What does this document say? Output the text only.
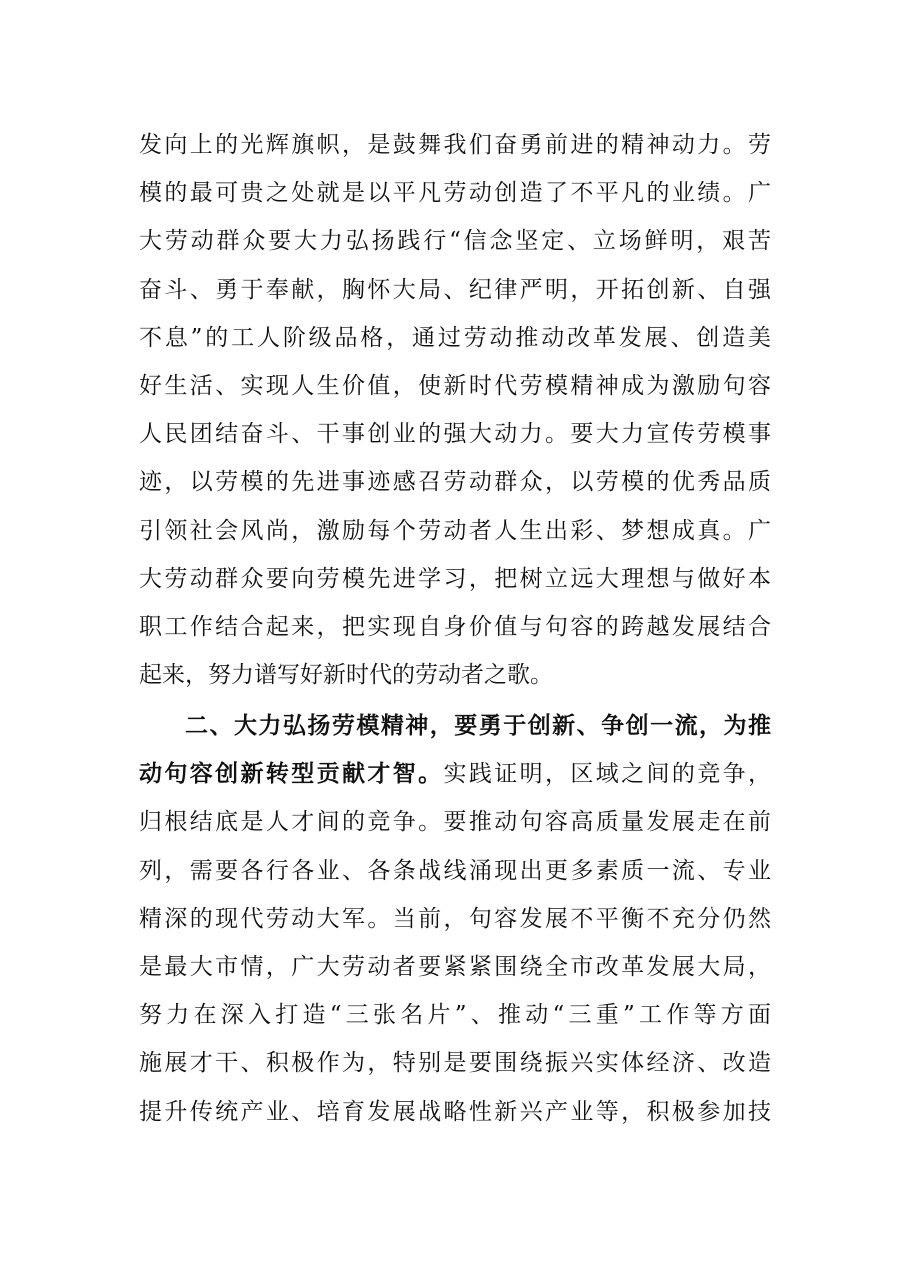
发向上的光辉旗帜，是鼓舞我们奋勇前进的精神动力。劳
模的最可贵之处就是以平凡劳动创造了不平凡的业绩。广
大劳动群众要大力弘扬践行“信念坚定、立场鲜明，艰苦
奋斗、勇于奉献，胸怀大局、纪律严明，开拓创新、自强
不息”的工人阶级品格，通过劳动推动改革发展、创造美
好生活、实现人生价值，使新时代劳模精神成为激励句容
人民团结奋斗、干事创业的强大动力。要大力宣传劳模事
迹，以劳模的先进事迹感召劳动群众，以劳模的优秀品质
引领社会风尚，激励每个劳动者人生出彩、梦想成真。广
大劳动群众要向劳模先进学习，把树立远大理想与做好本
职工作结合起来，把实现自身价值与句容的跨越发展结合
起来，努力谱写好新时代的劳动者之歌。
二、大力弘扬劳模精神，要勇于创新、争创一流，为推
动句容创新转型贡献才智。实践证明，区域之间的竞争，
归根结底是人才间的竞争。要推动句容高质量发展走在前
列，需要各行各业、各条战线涌现出更多素质一流、专业
精深的现代劳动大军。当前，句容发展不平衡不充分仍然
是最大市情，广大劳动者要紧紧围绕全市改革发展大局，
努力在深入打造“三张名片”、推动“三重”工作等方面
施展才干、积极作为，特别是要围绕振兴实体经济、改造
提升传统产业、培育发展战略性新兴产业等，积极参加技
